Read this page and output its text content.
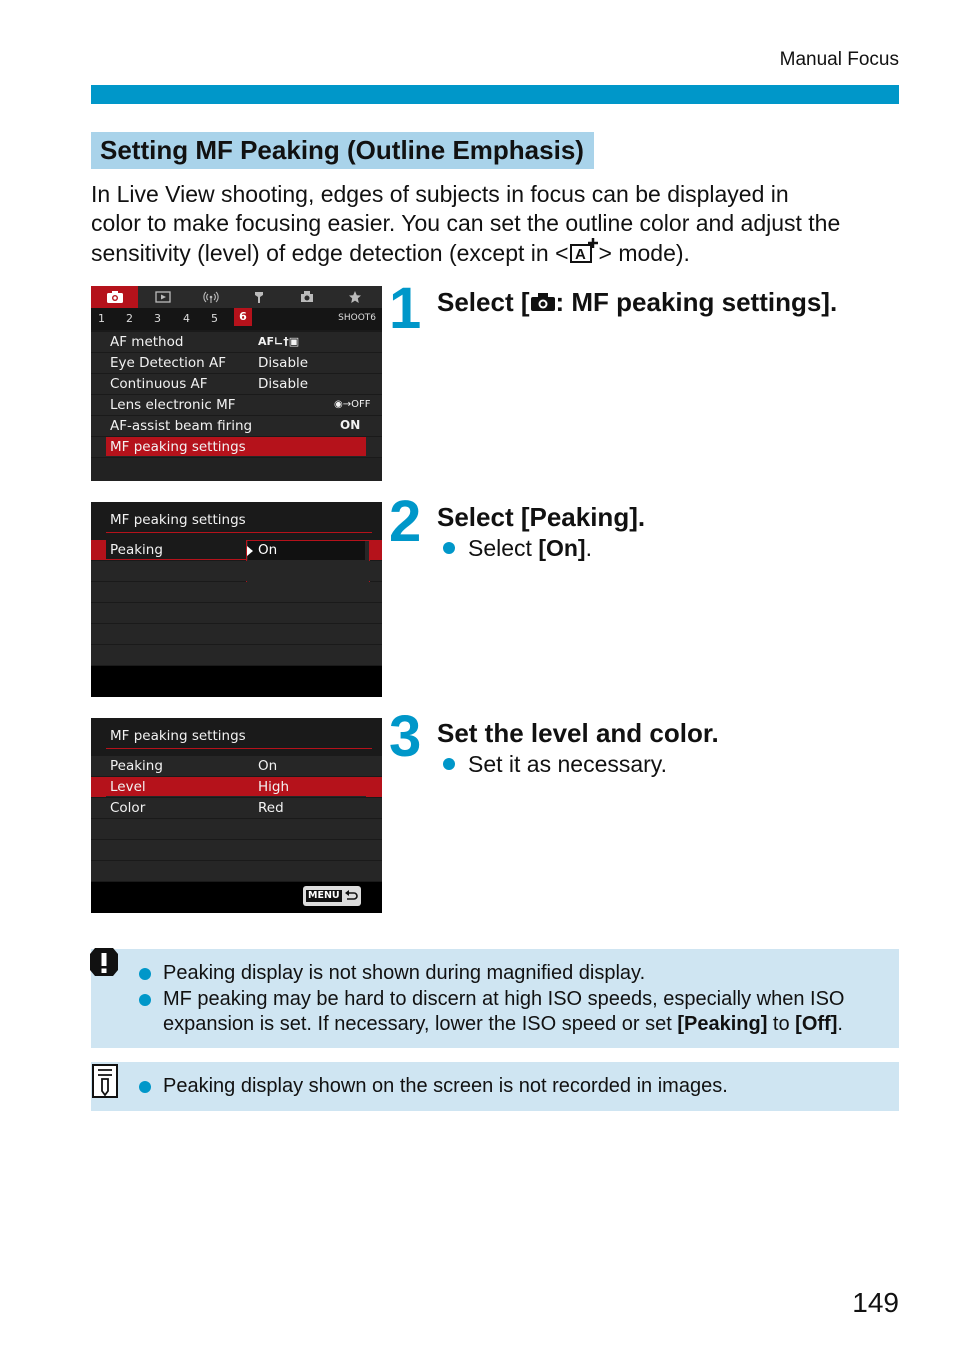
Manual Focus
Setting MF Peaking (Outline Emphasis)
In Live View shooting, edges of subjects in focus can be displayed in
color to make focusing easier. You can set the outline color and adjust the
sensitivity (level) of edge detection (except in < A > mode).
1 2 3 4 5	6	SHOOT6
AF method	AF∟†▣
Eye Detection AF Disable
Continuous AF	Disable
Lens electronic MF	◉→OFF
AF-assist beam firing	ON
MF peaking settings
MF peaking settings
Peaking	On
MF peaking settings
Peaking	On
Level	High
Color	Red
MENU
1 Select [ : MF peaking settings].
2 Select [Peaking].
Select [On].
3 Set the level and color.
Set it as necessary.
Peaking display is not shown during magnified display.
MF peaking may be hard to discern at high ISO speeds, especially when ISO
expansion is set. If necessary, lower the ISO speed or set [Peaking] to [Off].
Peaking display shown on the screen is not recorded in images.
149
